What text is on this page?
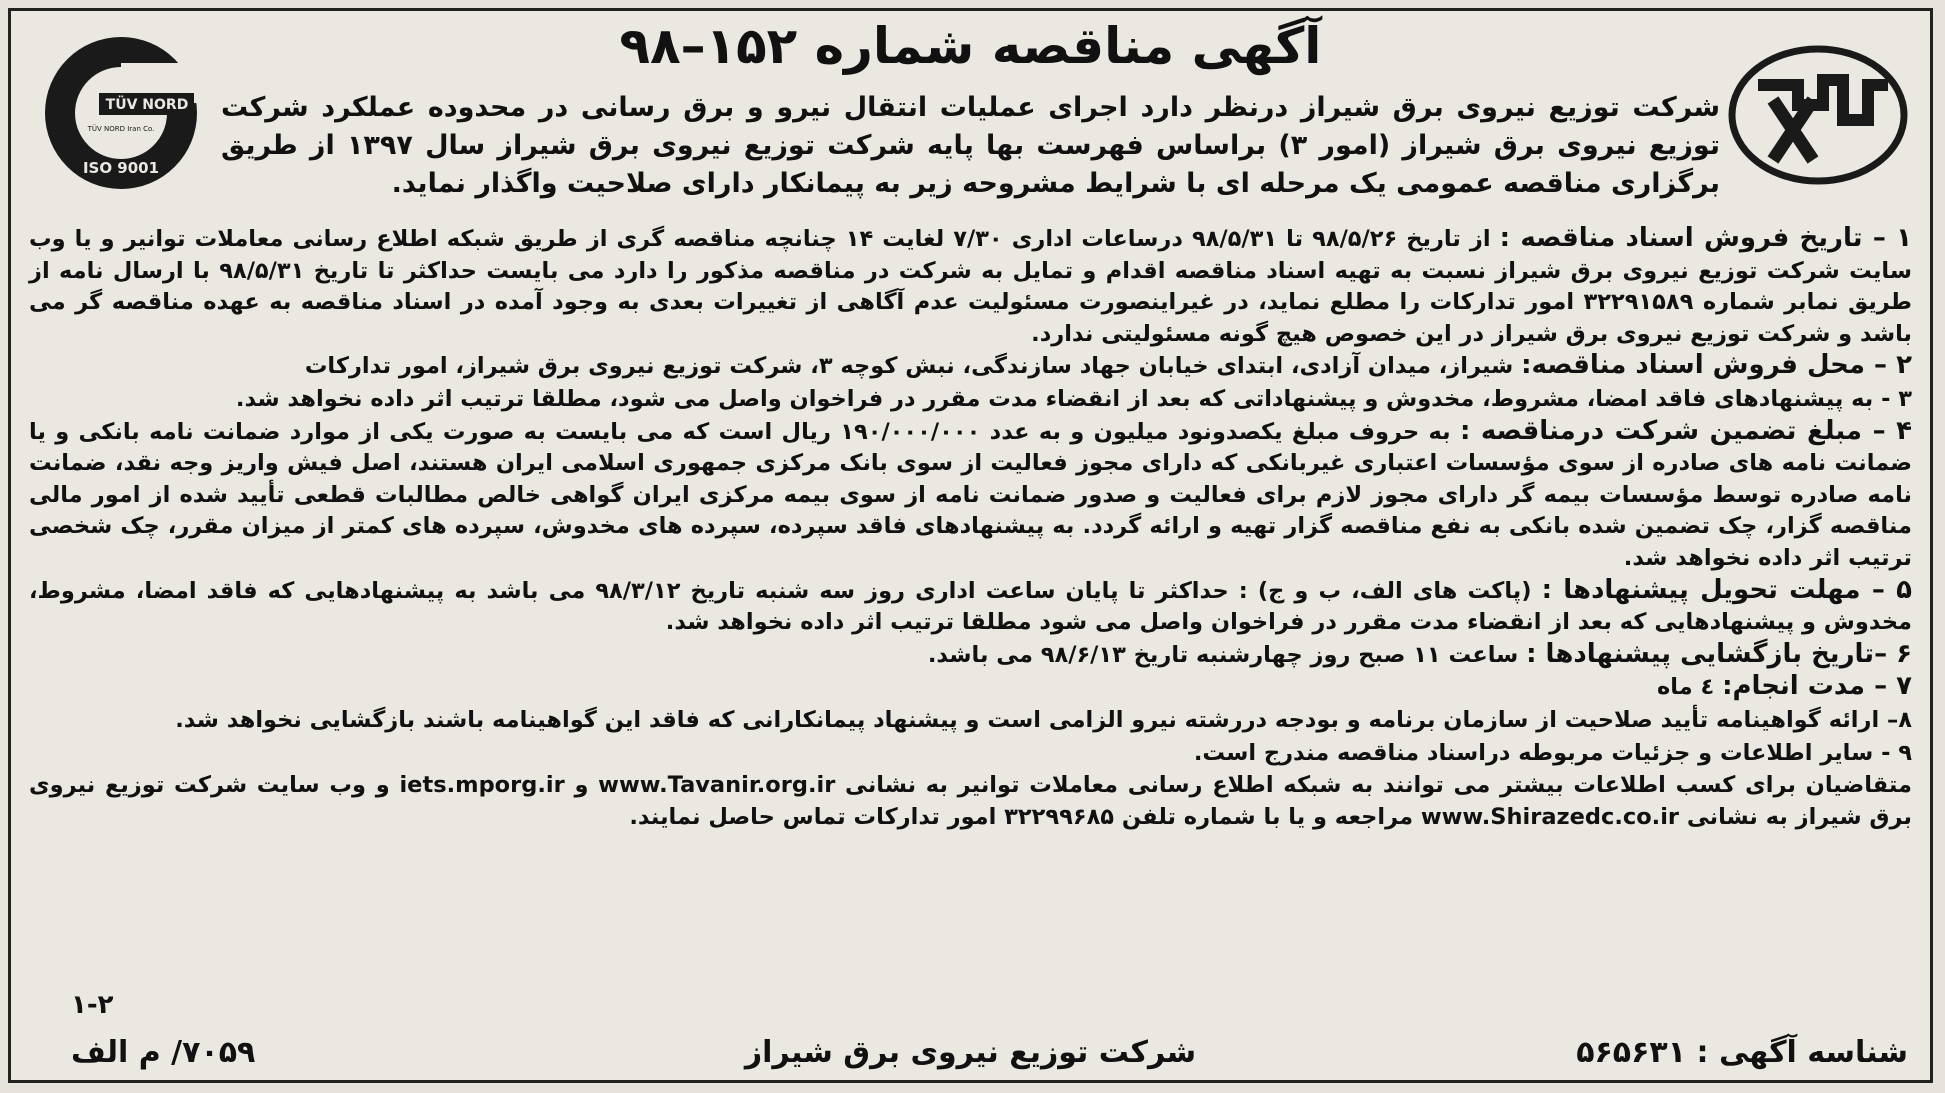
آگهی مناقصه شماره ۱۵۲–۹۸
TÜV NORD
TÜV NORD Iran Co.
ISO 9001
شرکت توزیع نیروی برق شیراز درنظر دارد اجرای عملیات انتقال نیرو و برق رسانی در محدوده عملکرد شرکت توزیع نیروی برق شیراز (امور ۳) براساس فهرست بها پایه شرکت توزیع نیروی برق شیراز سال ۱۳۹۷ از طریق برگزاری مناقصه عمومی یک مرحله ای با شرایط مشروحه زیر به پیمانکار دارای صلاحیت واگذار نماید.

۱ – تاریخ فروش اسناد مناقصه : از تاریخ ۹۸/۵/۲۶ تا ۹۸/۵/۳۱ درساعات اداری ۷/۳۰ لغایت ۱۴ چنانچه مناقصه گری از طریق شبکه اطلاع رسانی معاملات توانیر و یا وب سایت شرکت توزیع نیروی برق شیراز نسبت به تهیه اسناد مناقصه اقدام و تمایل به شرکت در مناقصه مذکور را دارد می بایست حداکثر تا تاریخ ۹۸/۵/۳۱ با ارسال نامه از طریق نمابر شماره ۳۲۲۹۱۵۸۹ امور تدارکات را مطلع نماید، در غیراینصورت مسئولیت عدم آگاهی از تغییرات بعدی به وجود آمده در اسناد مناقصه به عهده مناقصه گر می باشد و شرکت توزیع نیروی برق شیراز در این خصوص هیچ گونه مسئولیتی ندارد.

۲ – محل فروش اسناد مناقصه: شیراز، میدان آزادی، ابتدای خیابان جهاد سازندگی، نبش کوچه ۳، شرکت توزیع نیروی برق شیراز، امور تدارکات

۳ - به پیشنهادهای فاقد امضا، مشروط، مخدوش و پیشنهاداتی که بعد از انقضاء مدت مقرر در فراخوان واصل می شود، مطلقا ترتیب اثر داده نخواهد شد.

۴ – مبلغ تضمین شرکت درمناقصه : به حروف مبلغ یکصدونود میلیون و به عدد ۱۹۰/۰۰۰/۰۰۰ ریال است که می بایست به صورت یکی از موارد ضمانت نامه بانکی و یا ضمانت نامه های صادره از سوی مؤسسات اعتباری غیربانکی که دارای مجوز فعالیت از سوی بانک مرکزی جمهوری اسلامی ایران هستند، اصل فیش واریز وجه نقد، ضمانت نامه صادره توسط مؤسسات بیمه گر دارای مجوز لازم برای فعالیت و صدور ضمانت نامه از سوی بیمه مرکزی ایران گواهی خالص مطالبات قطعی تأیید شده از امور مالی مناقصه گزار، چک تضمین شده بانکی به نفع مناقصه گزار تهیه و ارائه گردد. به پیشنهادهای فاقد سپرده، سپرده های مخدوش، سپرده های کمتر از میزان مقرر، چک شخصی ترتیب اثر داده نخواهد شد.

۵ – مهلت تحویل پیشنهادها : (پاکت های الف، ب و ج) : حداکثر تا پایان ساعت اداری روز سه شنبه تاریخ ۹۸/۳/۱۲ می باشد به پیشنهادهایی که فاقد امضا، مشروط، مخدوش و پیشنهادهایی که بعد از انقضاء مدت مقرر در فراخوان واصل می شود مطلقا ترتیب اثر داده نخواهد شد.

۶ –تاریخ بازگشایی پیشنهادها : ساعت ۱۱ صبح روز چهارشنبه تاریخ ۹۸/۶/۱۳ می باشد.

۷ – مدت انجام: ٤ ماه

۸– ارائه گواهینامه تأیید صلاحیت از سازمان برنامه و بودجه دررشته نیرو الزامی است و پیشنهاد پیمانکارانی که فاقد این گواهینامه باشند بازگشایی نخواهد شد.

۹ - سایر اطلاعات و جزئیات مربوطه دراسناد مناقصه مندرج است.

متقاضیان برای کسب اطلاعات بیشتر می توانند به شبکه اطلاع رسانی معاملات توانیر به نشانی www.Tavanir.org.ir و iets.mporg.ir و وب سایت شرکت توزیع نیروی برق شیراز به نشانی www.Shirazedc.co.ir مراجعه و یا با شماره تلفن ۳۲۲۹۹۶۸۵ امور تدارکات تماس حاصل نمایند.

۱-۲
شناسه آگهی : ۵۶۵۶۳۱
شرکت توزیع نیروی برق شیراز
۷۰۵۹/ م الف
